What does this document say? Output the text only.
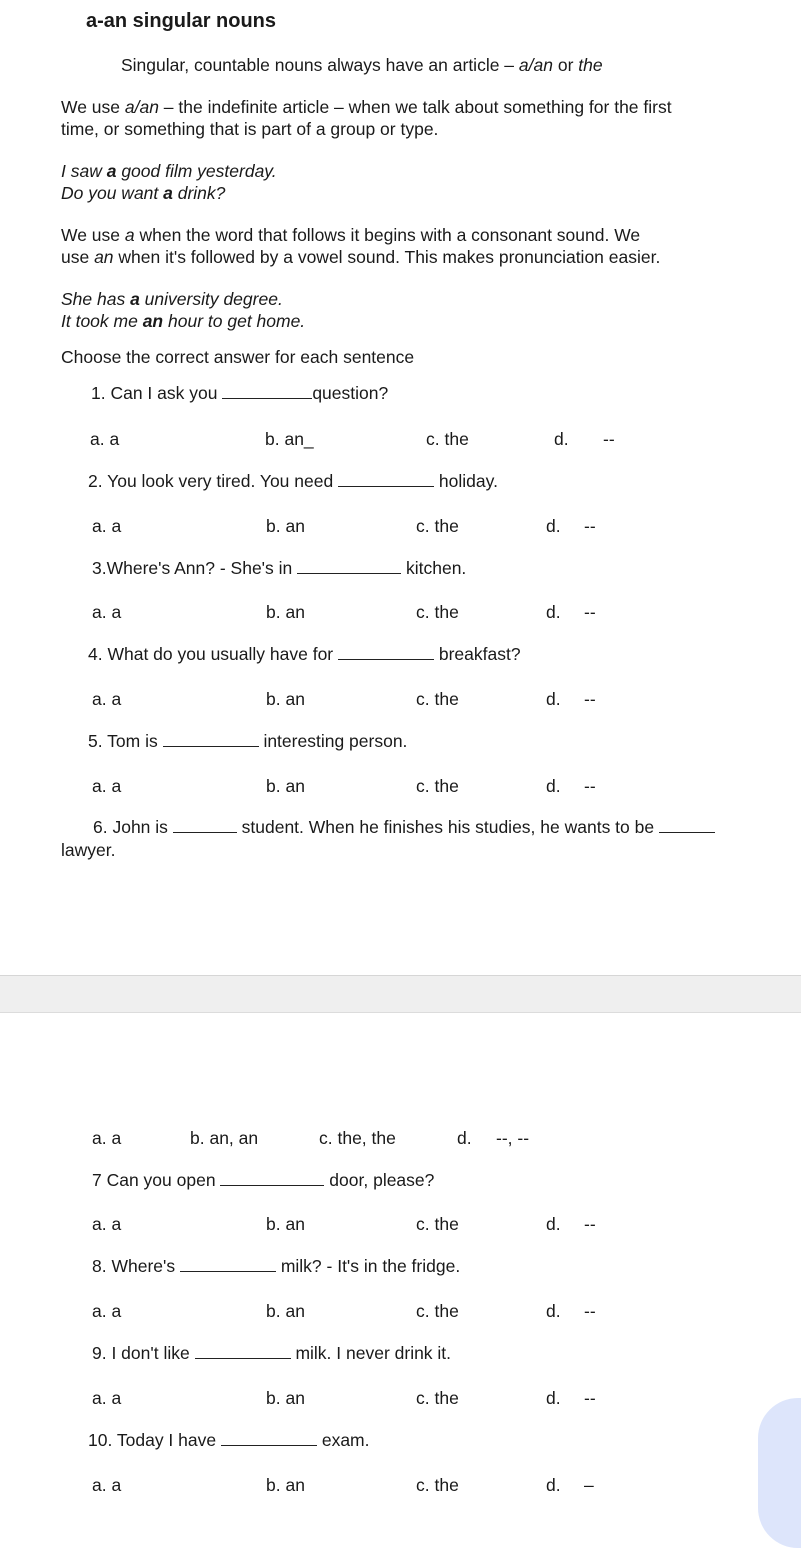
a-an singular nouns
Singular, countable nouns always have an article – a/an or the
We use a/an – the indefinite article – when we talk about something for the first
time, or something that is part of a group or type.
I saw a good film yesterday.
Do you want a drink?
We use a when the word that follows it begins with a consonant sound. We
use an when it's followed by a vowel sound. This makes pronunciation easier.
She has a university degree.
It took me an hour to get home.
Choose the correct answer for each sentence
1. Can I ask you	question?
a. a	b. an_	c. the	d. --
2. You look very tired. You need	holiday.
a. a	b. an	c. the	d. --
3.Where's Ann? - She's in	kitchen.
a. a	b. an	c. the	d. --
4. What do you usually have for	breakfast?
a. a	b. an	c. the	d. --
5. Tom is	interesting person.
a. a	b. an	c. the	d. --
6. John is	student. When he finishes his studies, he wants to be
lawyer.
a. a	b. an, an	c. the, the	d. --, --
7 Can you open	door, please?
a. a	b. an	c. the	d. --
8. Where's	milk? - It's in the fridge.
a. a	b. an	c. the	d. --
9. I don't like	milk. I never drink it.
a. a	b. an	c. the	d. --
10. Today I have	exam.
a. a	b. an	c. the	d. –
